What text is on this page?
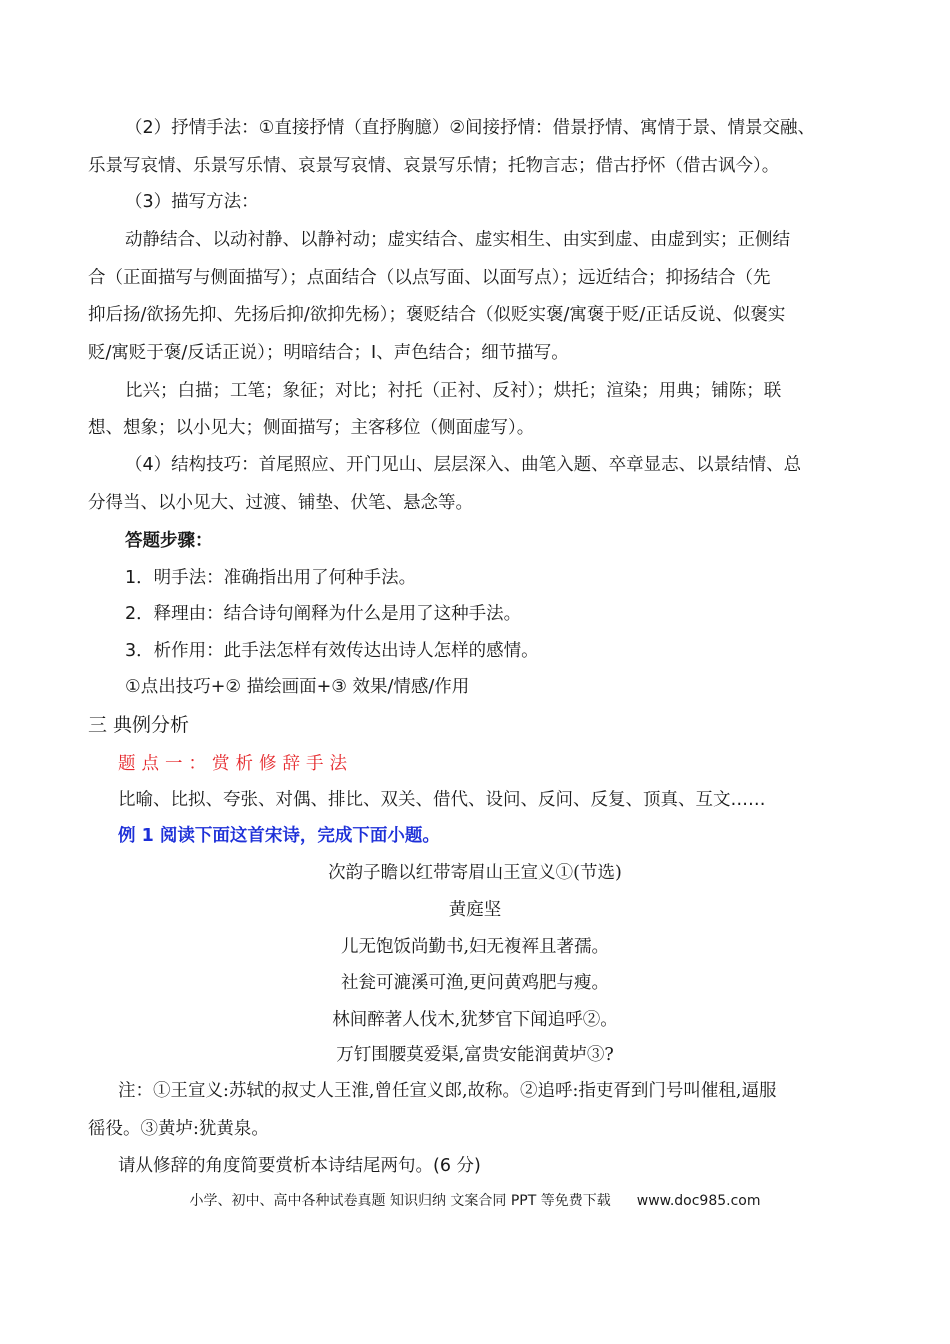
（2）抒情手法：①直接抒情（直抒胸臆）②间接抒情：借景抒情、寓情于景、情景交融、
乐景写哀情、乐景写乐情、哀景写哀情、哀景写乐情；托物言志；借古抒怀（借古讽今）。
（3）描写方法：
动静结合、以动衬静、以静衬动；虚实结合、虚实相生、由实到虚、由虚到实；正侧结
合（正面描写与侧面描写）；点面结合（以点写面、以面写点）；远近结合；抑扬结合（先
抑后扬/欲扬先抑、先扬后抑/欲抑先杨）；褒贬结合（似贬实褒/寓褒于贬/正话反说、似褒实
贬/寓贬于褒/反话正说）；明暗结合；I、声色结合；细节描写。
比兴；白描；工笔；象征；对比；衬托（正衬、反衬）；烘托；渲染；用典；铺陈；联
想、想象；以小见大；侧面描写；主客移位（侧面虚写）。
（4）结构技巧：首尾照应、开门见山、层层深入、曲笔入题、卒章显志、以景结情、总
分得当、以小见大、过渡、铺垫、伏笔、悬念等。
答题步骤：
1．明手法：准确指出用了何种手法。
2．释理由：结合诗句阐释为什么是用了这种手法。
3．析作用：此手法怎样有效传达出诗人怎样的感情。
①点出技巧+② 描绘画面+③ 效果/情感/作用
三 典例分析
题点一：赏析修辞手法
比喻、比拟、夸张、对偶、排比、双关、借代、设问、反问、反复、顶真、互文……
例 1 阅读下面这首宋诗，完成下面小题。
次韵子瞻以红带寄眉山王宣义①(节选)
黄庭坚
儿无饱饭尚勤书,妇无複裈且著孺。
社瓮可漉溪可渔,更问黄鸡肥与瘦。
林间醉著人伐木,犹梦官下闻追呼②。
万钉围腰莫爱渠,富贵安能润黄垆③?
注：①王宣义:苏轼的叔丈人王淮,曾任宣义郎,故称。②追呼:指吏胥到门号叫催租,逼服
徭役。③黄垆:犹黄泉。
请从修辞的角度简要赏析本诗结尾两句。(6 分)
小学、初中、高中各种试卷真题 知识归纳 文案合同 PPT 等免费下载 www.doc985.com
